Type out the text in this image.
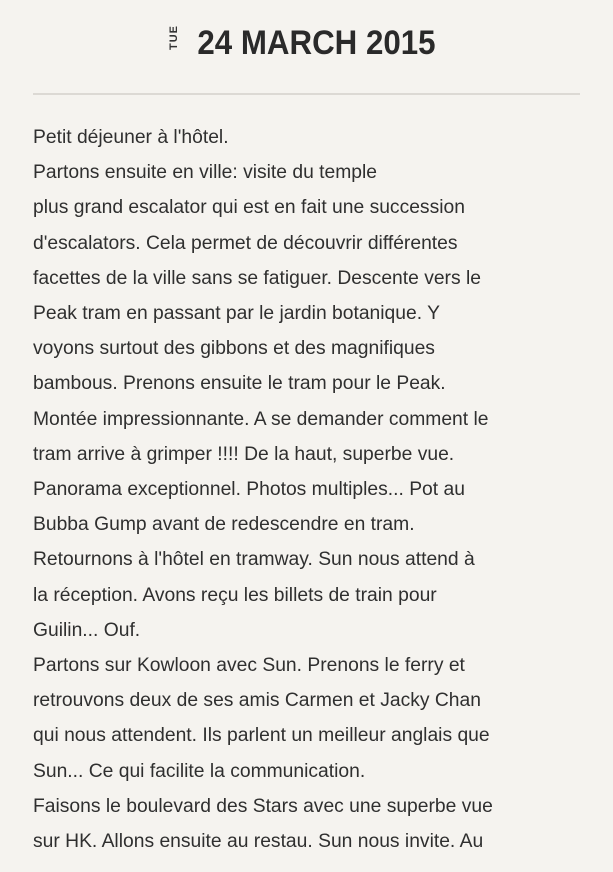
TUE 24 MARCH 2015

Petit déjeuner à l'hôtel.

Partons ensuite en ville: visite du temple

plus grand escalator qui est en fait une succession

d'escalators. Cela permet de découvrir différentes

facettes de la ville sans se fatiguer. Descente vers le

Peak tram en passant par le jardin botanique. Y

voyons surtout des gibbons et des magnifiques

bambous. Prenons ensuite le tram pour le Peak.

Montée impressionnante. A se demander comment le

tram arrive à grimper !!!! De la haut, superbe vue.

Panorama exceptionnel. Photos multiples... Pot au

Bubba Gump avant de redescendre en tram.

Retournons à l'hôtel en tramway. Sun nous attend à

la réception. Avons reçu les billets de train pour

Guilin... Ouf.

Partons sur Kowloon avec Sun. Prenons le ferry et

retrouvons deux de ses amis Carmen et Jacky Chan

qui nous attendent. Ils parlent un meilleur anglais que

Sun... Ce qui facilite la communication.

Faisons le boulevard des Stars avec une superbe vue

sur HK. Allons ensuite au restau. Sun nous invite. Au
